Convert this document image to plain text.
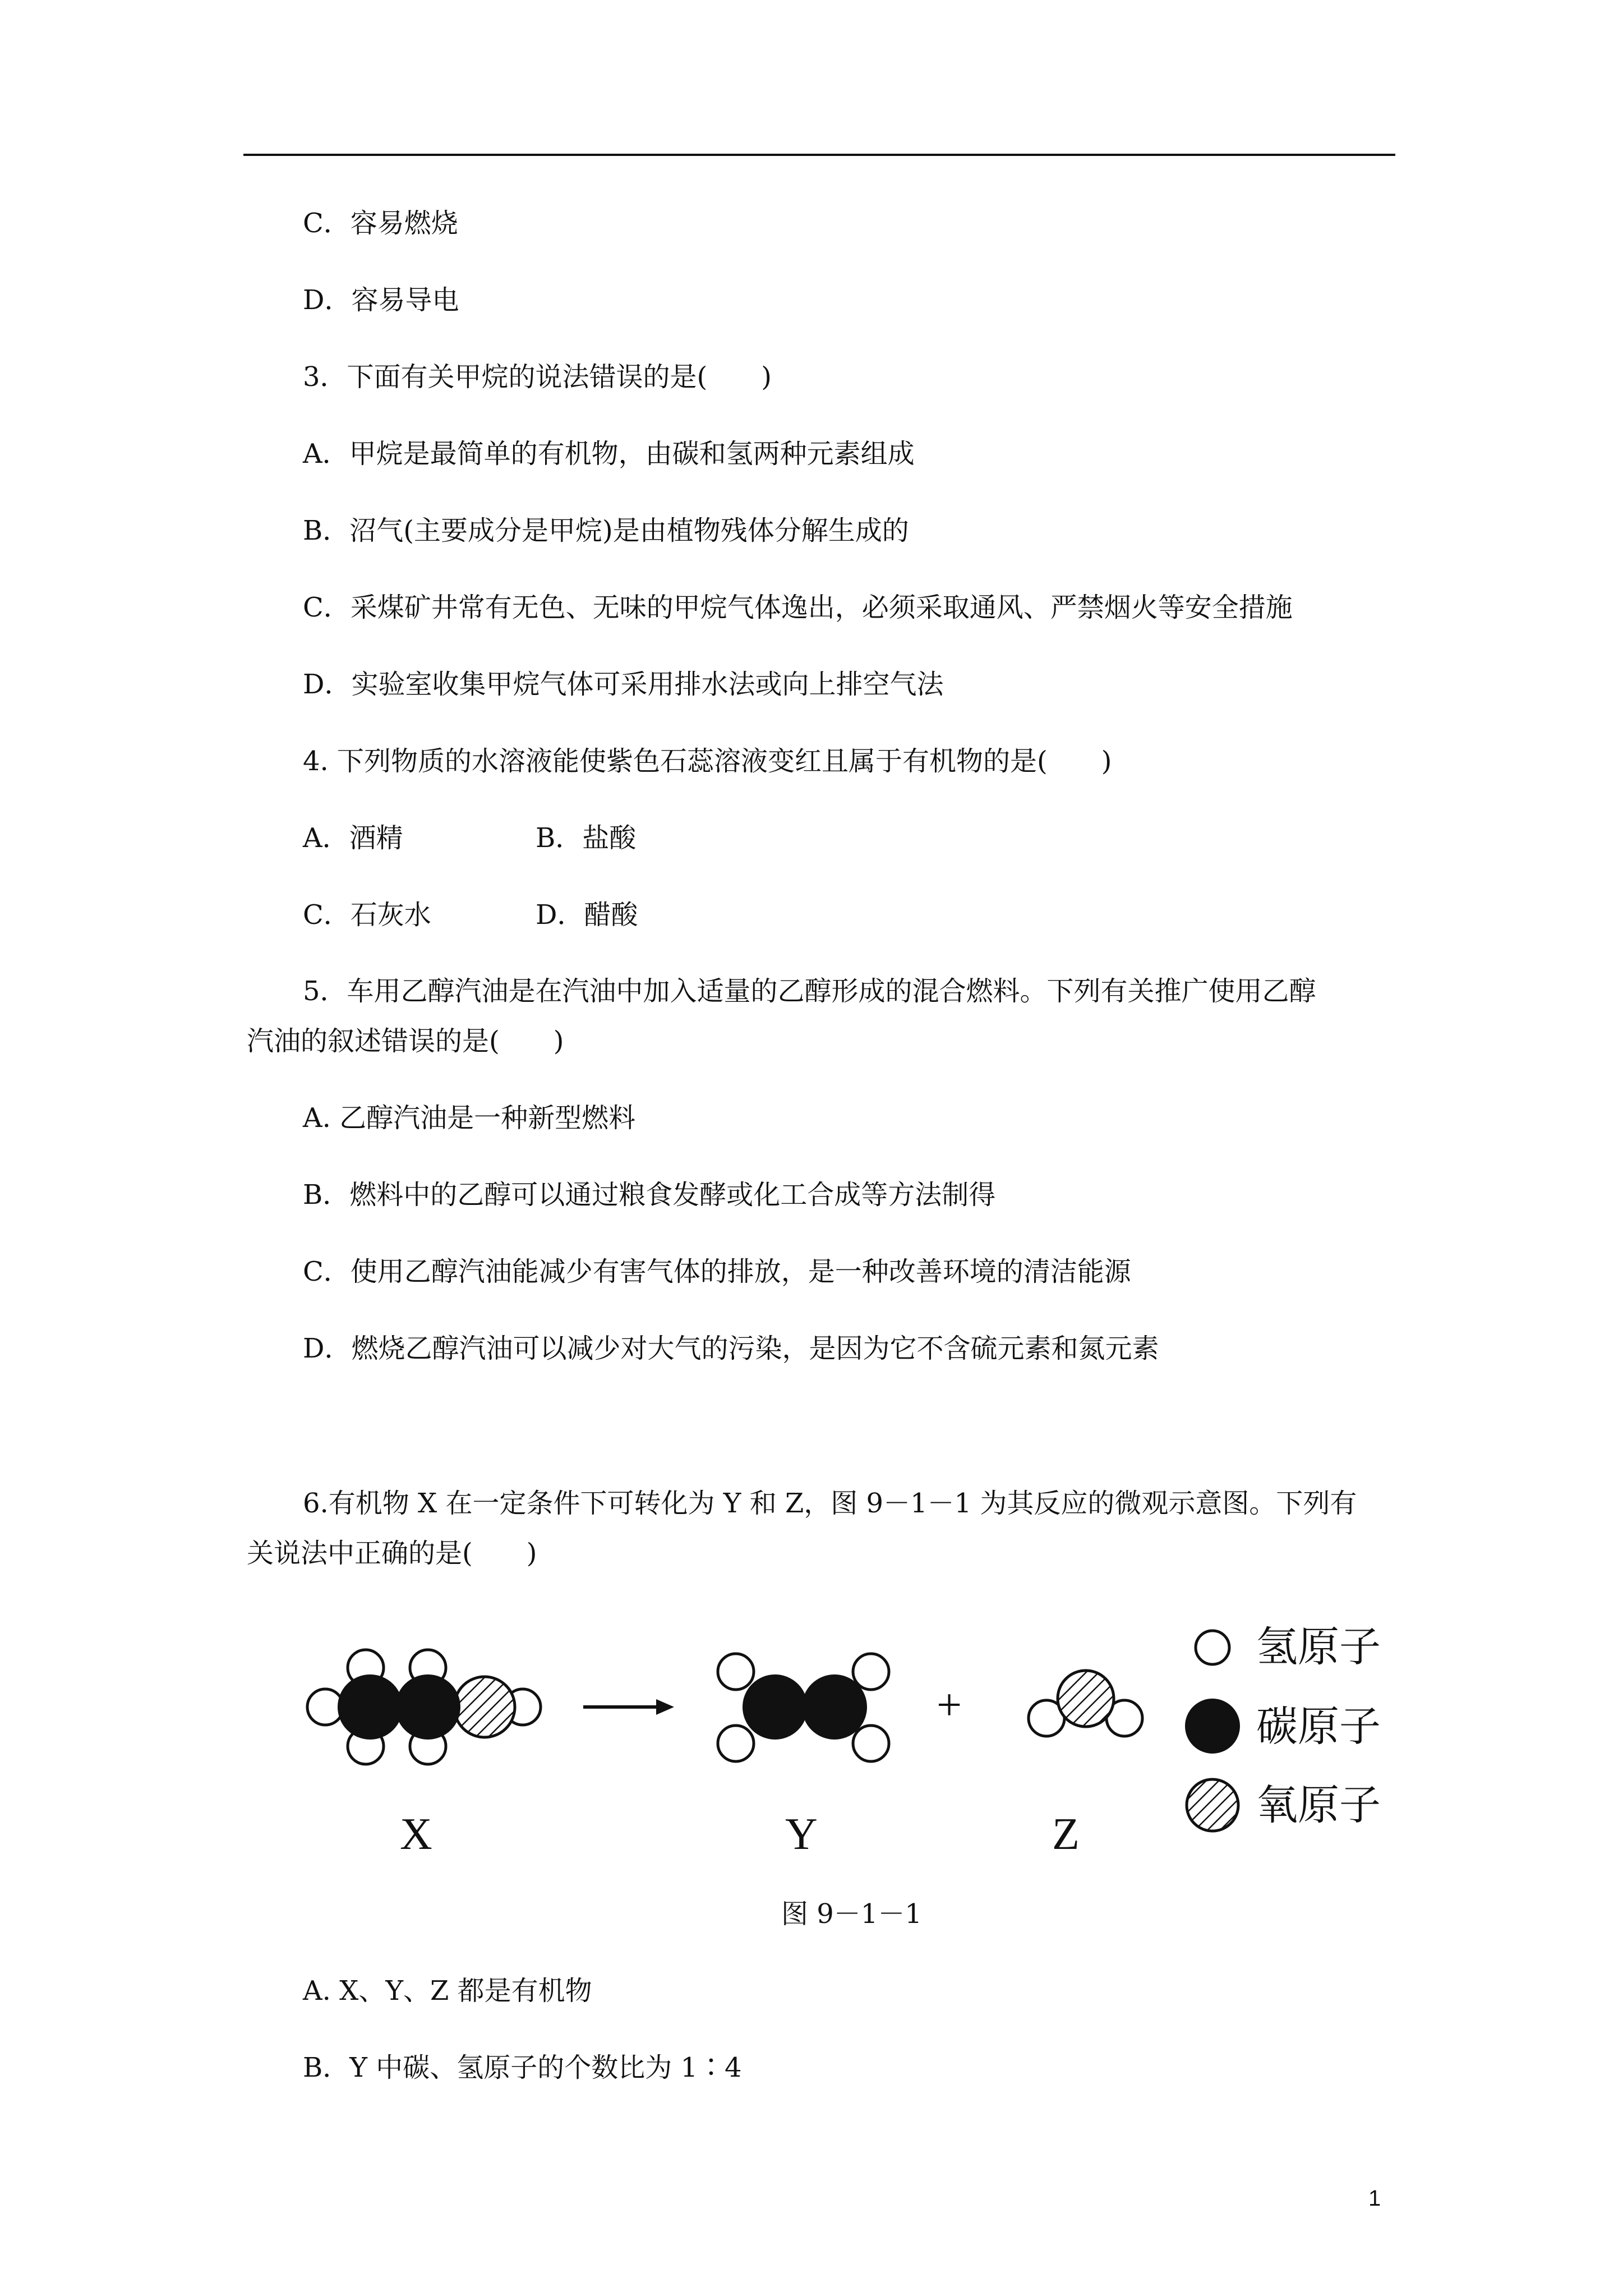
C．容易燃烧
D．容易导电
3．下面有关甲烷的说法错误的是(　　)
A．甲烷是最简单的有机物，由碳和氢两种元素组成
B．沼气(主要成分是甲烷)是由植物残体分解生成的
C．采煤矿井常有无色、无味的甲烷气体逸出，必须采取通风、严禁烟火等安全措施
D．实验室收集甲烷气体可采用排水法或向上排空气法
4. 下列物质的水溶液能使紫色石蕊溶液变红且属于有机物的是(　　)
A．酒精	B．盐酸
C．石灰水	D．醋酸
5．车用乙醇汽油是在汽油中加入适量的乙醇形成的混合燃料。下列有关推广使用乙醇
汽油的叙述错误的是(　　)
A. 乙醇汽油是一种新型燃料
B．燃料中的乙醇可以通过粮食发酵或化工合成等方法制得
C．使用乙醇汽油能减少有害气体的排放，是一种改善环境的清洁能源
D．燃烧乙醇汽油可以减少对大气的污染，是因为它不含硫元素和氮元素
6.有机物 X 在一定条件下可转化为 Y 和 Z，图 9－1－1 为其反应的微观示意图。下列有
关说法中正确的是(　　)
X	Y	Z
+
氢原子
碳原子
氧原子
图 9－1－1
A. X、Y、Z 都是有机物
B．Y 中碳、氢原子的个数比为 1∶4
1
